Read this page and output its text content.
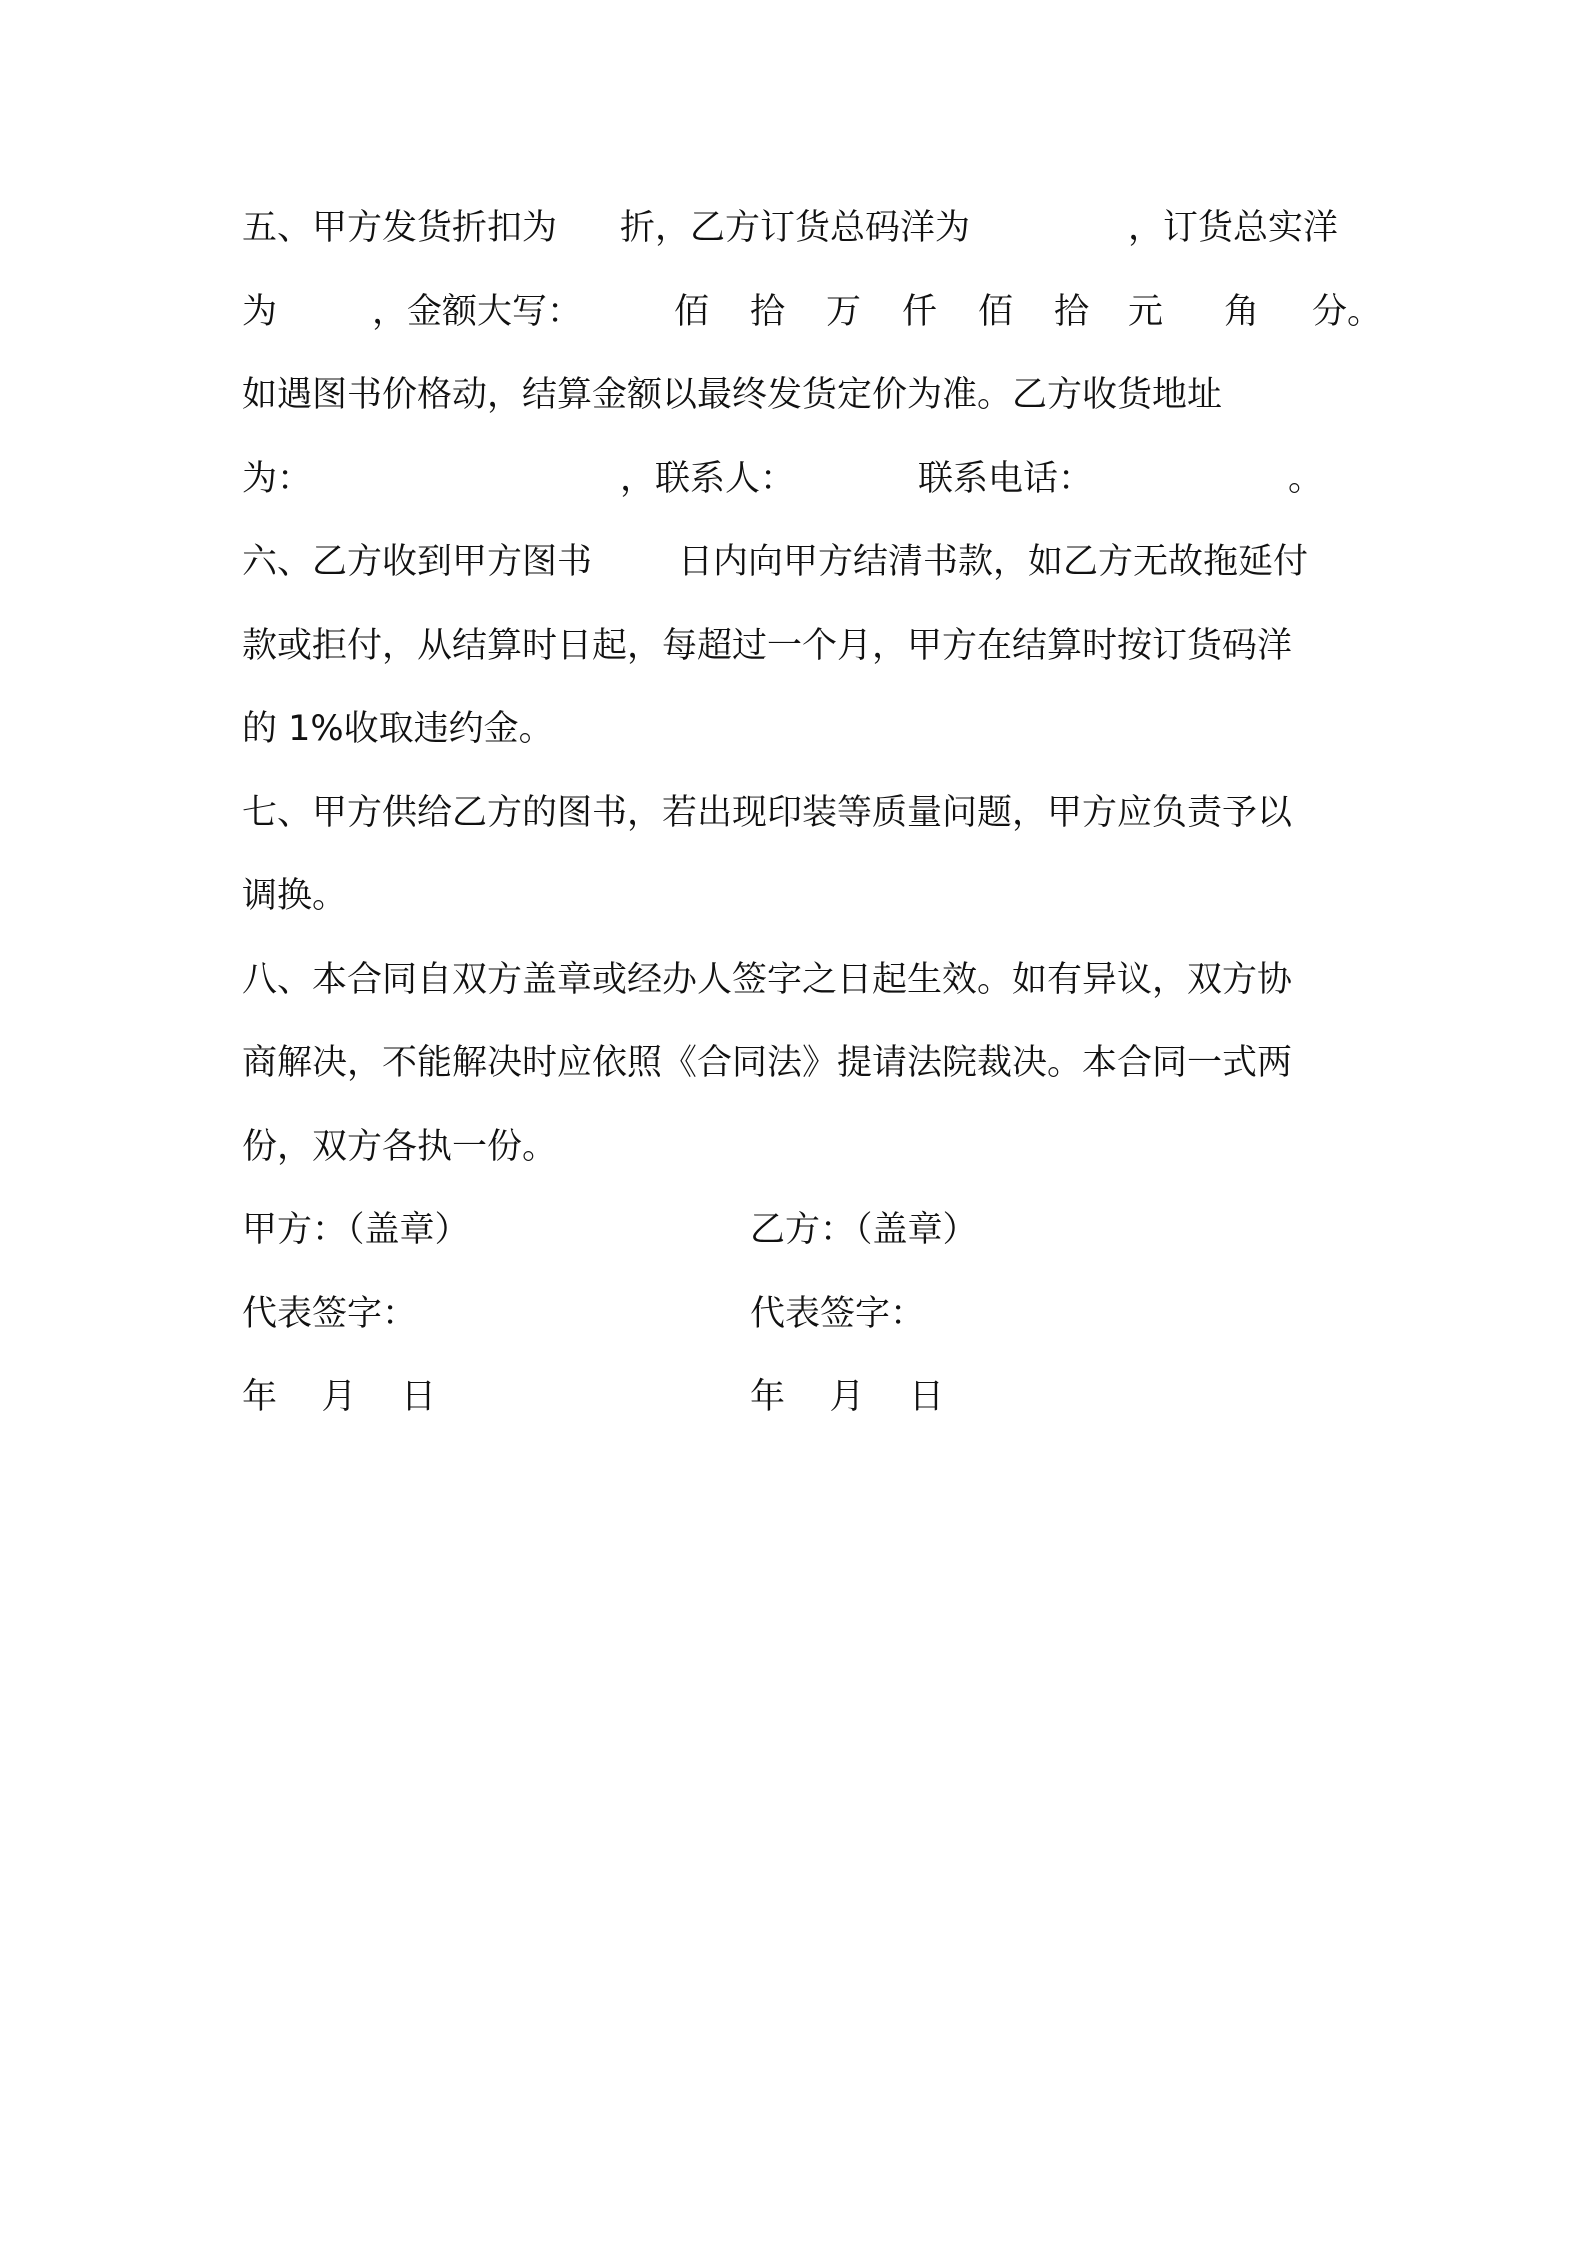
五、甲方发货折扣为 折，乙方订货总码洋为	，订货总实洋
为	，金额大写：	佰 拾 万 仟 佰 拾 元 角 分。
如遇图书价格动，结算金额以最终发货定价为准。乙方收货地址
为：	，联系人：	联系电话：	。
六、乙方收到甲方图书 日内向甲方结清书款，如乙方无故拖延付
款或拒付，从结算时日起，每超过一个月，甲方在结算时按订货码洋
的 1%收取违约金。
七、甲方供给乙方的图书，若出现印装等质量问题，甲方应负责予以
调换。
八、本合同自双方盖章或经办人签字之日起生效。如有异议，双方协
商解决，不能解决时应依照《合同法》提请法院裁决。本合同一式两
份，双方各执一份。
甲方：（盖章）	乙方：（盖章）
代表签字：	代表签字：
年    月    日	年    月    日
